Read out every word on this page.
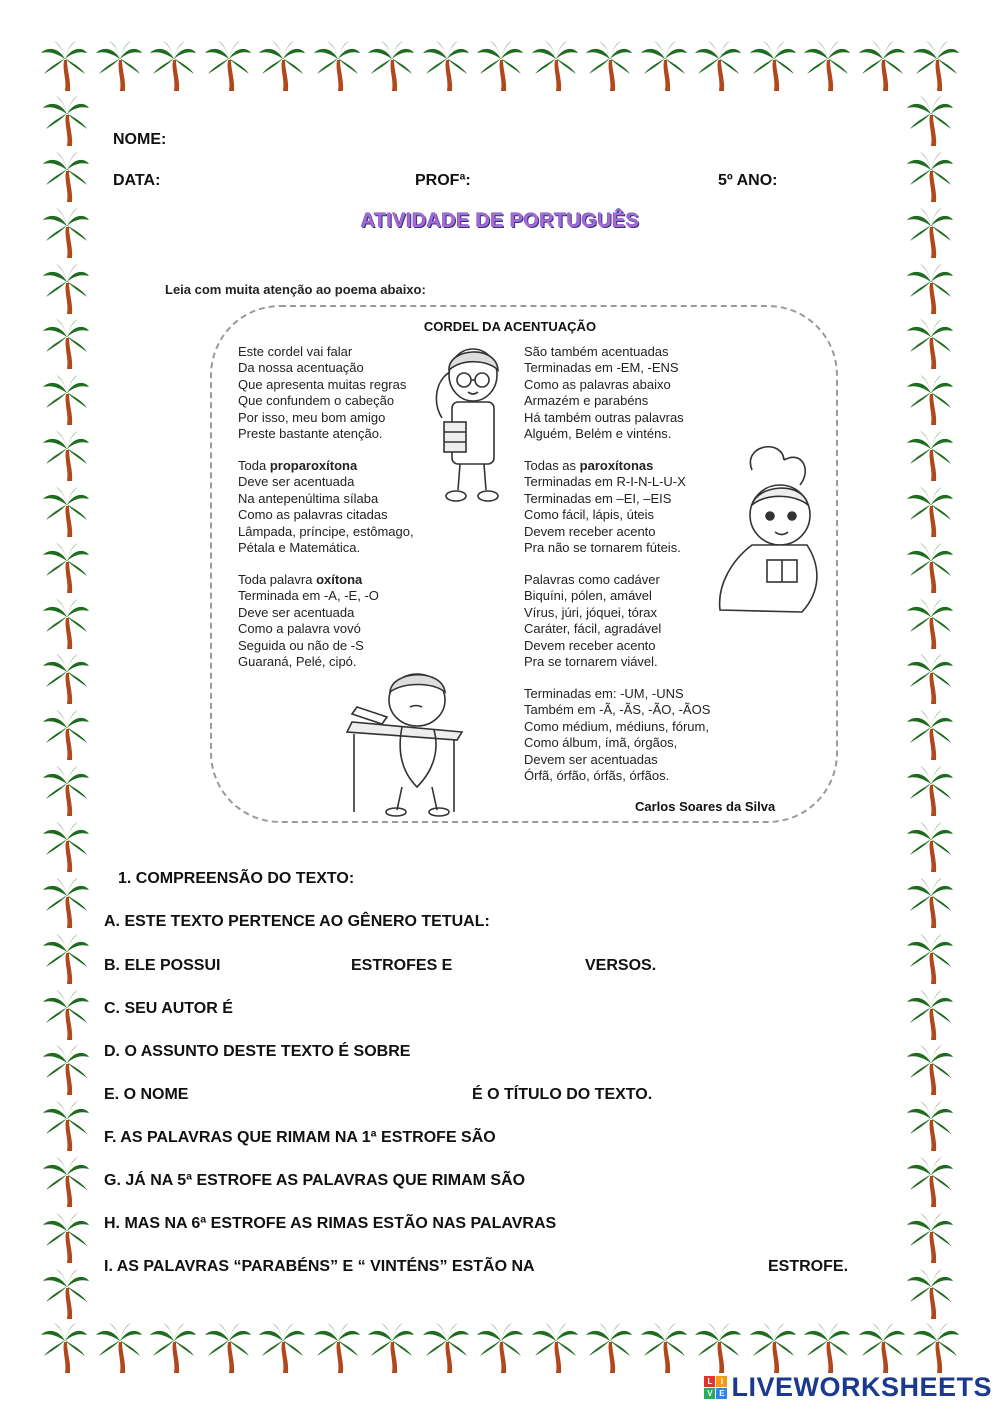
NOME:
DATA:	PROFª:	5º ANO:
ATIVIDADE DE PORTUGUÊS
Leia com muita atenção ao poema abaixo:
CORDEL DA ACENTUAÇÃO
Este cordel vai falar
Da nossa acentuação
Que apresenta muitas regras
Que confundem o cabeção
Por isso, meu bom amigo
Preste bastante atenção.
Toda proparoxítona
Deve ser acentuada
Na antepenúltima sílaba
Como as palavras citadas
Lâmpada, príncipe, estômago,
Pétala e Matemática.
Toda palavra oxítona
Terminada em -A, -E, -O
Deve ser acentuada
Como a palavra vovó
Seguida ou não de -S
Guaraná, Pelé, cipó.
São também acentuadas
Terminadas em -EM, -ENS
Como as palavras abaixo
Armazém e parabéns
Há também outras palavras
Alguém, Belém e vinténs.
Todas as paroxítonas
Terminadas em R-I-N-L-U-X
Terminadas em –EI, –EIS
Como fácil, lápis, úteis
Devem receber acento
Pra não se tornarem fúteis.
Palavras como cadáver
Biquíni, pólen, amável
Vírus, júri, jóquei, tórax
Caráter, fácil, agradável
Devem receber acento
Pra se tornarem viável.
Terminadas em: -UM, -UNS
Também em -Ã, -ÃS, -ÃO, -ÃOS
Como médium, médiuns, fórum,
Como álbum, ímã, órgãos,
Devem ser acentuadas
Órfã, órfão, órfãs, órfãos.
Carlos Soares da Silva
1. COMPREENSÃO DO TEXTO:
A. ESTE TEXTO PERTENCE AO GÊNERO TETUAL:
B. ELE POSSUI	ESTROFES E	VERSOS.
C. SEU AUTOR É
D. O ASSUNTO DESTE TEXTO É SOBRE
E. O NOME	É O TÍTULO DO TEXTO.
F. AS PALAVRAS QUE RIMAM NA 1ª ESTROFE SÃO
G. JÁ NA 5ª ESTROFE AS PALAVRAS QUE RIMAM SÃO
H. MAS NA 6ª ESTROFE AS RIMAS ESTÃO NAS PALAVRAS
I. AS PALAVRAS “PARABÉNS” E “ VINTÉNS” ESTÃO NA	ESTROFE.
L	I
V E LIVEWORKSHEETS
